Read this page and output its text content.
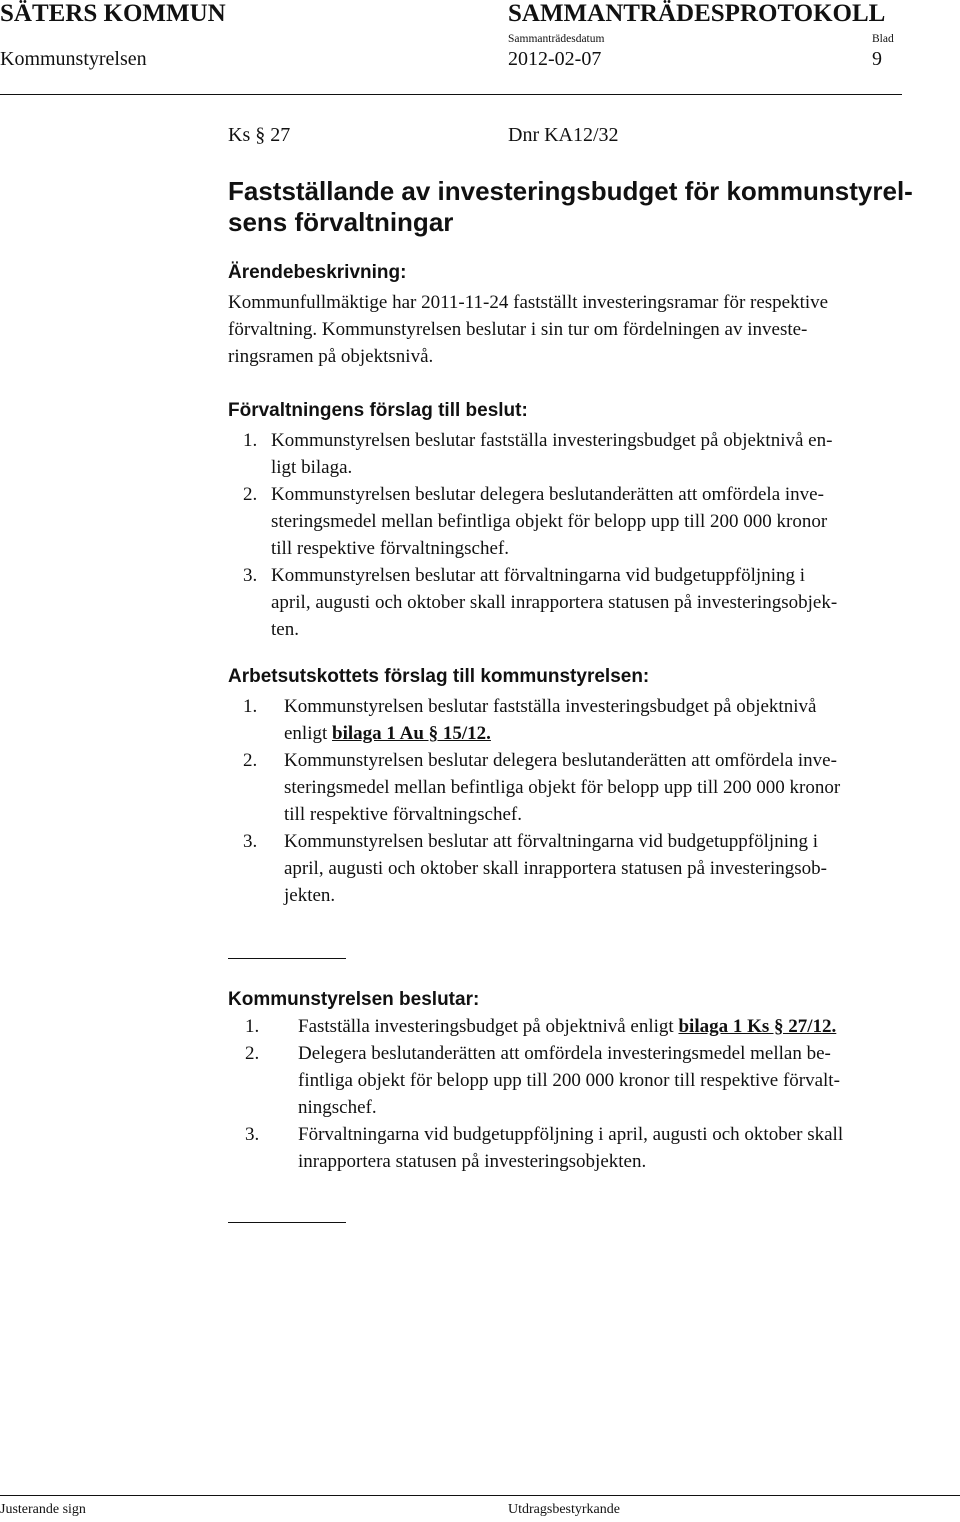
SÄTERS KOMMUN	SAMMANTRÄDESPROTOKOLL
Sammanträdesdatum	Blad
Kommunstyrelsen	2012-02-07	9
Ks § 27	Dnr KA12/32
Fastställande av investeringsbudget för kommunstyrel-
sens förvaltningar
Ärendebeskrivning:
Kommunfullmäktige har 2011-11-24 fastställt investeringsramar för respektive
förvaltning. Kommunstyrelsen beslutar i sin tur om fördelningen av investe-
ringsramen på objektsnivå.
Förvaltningens förslag till beslut:
1. Kommunstyrelsen beslutar fastställa investeringsbudget på objektnivå en-
ligt bilaga.
2. Kommunstyrelsen beslutar delegera beslutanderätten att omfördela inve-
steringsmedel mellan befintliga objekt för belopp upp till 200 000 kronor
till respektive förvaltningschef.
3. Kommunstyrelsen beslutar att förvaltningarna vid budgetuppföljning i
april, augusti och oktober skall inrapportera statusen på investeringsobjek-
ten.
Arbetsutskottets förslag till kommunstyrelsen:
1. Kommunstyrelsen beslutar fastställa investeringsbudget på objektnivå
enligt bilaga 1 Au § 15/12.
2. Kommunstyrelsen beslutar delegera beslutanderätten att omfördela inve-
steringsmedel mellan befintliga objekt för belopp upp till 200 000 kronor
till respektive förvaltningschef.
3. Kommunstyrelsen beslutar att förvaltningarna vid budgetuppföljning i
april, augusti och oktober skall inrapportera statusen på investeringsob-
jekten.
Kommunstyrelsen beslutar:
1. Fastställa investeringsbudget på objektnivå enligt bilaga 1 Ks § 27/12.
2. Delegera beslutanderätten att omfördela investeringsmedel mellan be-
fintliga objekt för belopp upp till 200 000 kronor till respektive förvalt-
ningschef.
3. Förvaltningarna vid budgetuppföljning i april, augusti och oktober skall
inrapportera statusen på investeringsobjekten.
Justerande sign	Utdragsbestyrkande
